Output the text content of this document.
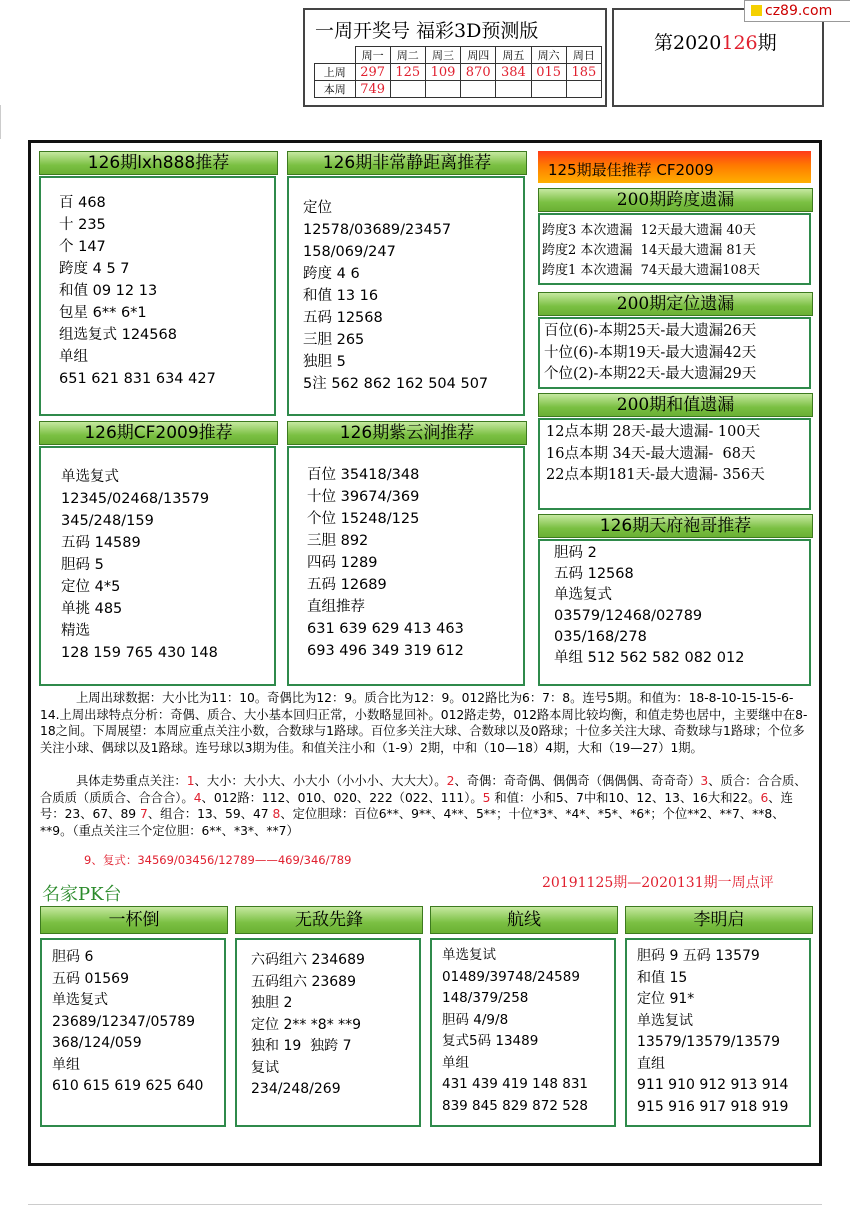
一周开奖号 福彩3D预测版
	周一	周二	周三	周四	周五	周六	周日
上周	297	125	109	870	384	015	185
本周	749						
第2020126期
cz89.com
126期lxh888推荐
百 468
十 235
个 147
跨度 4 5 7
和值 09 12 13
包星 6** 6*1
组选复式 124568
单组
651 621 831 634 427
126期非常静距离推荐
定位
12578/03689/23457
158/069/247
跨度 4 6
和值 13 16
五码 12568
三胆 265
独胆 5
5注 562 862 162 504 507
126期CF2009推荐
单选复式
12345/02468/13579
345/248/159
五码 14589
胆码 5
定位 4*5
单挑 485
精选
128 159 765 430 148
126期紫云涧推荐
百位 35418/348
十位 39674/369
个位 15248/125
三胆 892
四码 1289
五码 12689
直组推荐
631 639 629 413 463
693 496 349 319 612
125期最佳推荐 CF2009
200期跨度遗漏
跨度3 本次遗漏  12天最大遗漏 40天
跨度2 本次遗漏  14天最大遗漏 81天
跨度1 本次遗漏  74天最大遗漏108天
200期定位遗漏
百位(6)-本期25天-最大遗漏26天
十位(6)-本期19天-最大遗漏42天
个位(2)-本期22天-最大遗漏29天
200期和值遗漏
12点本期 28天-最大遗漏- 100天
16点本期 34天-最大遗漏-  68天
22点本期181天-最大遗漏- 356天
126期天府袍哥推荐
胆码 2
五码 12568
单选复式
03579/12468/02789
035/168/278
单组 512 562 582 082 012
上周出球数据：大小比为11：10。奇偶比为12：9。质合比为12：9。012路比为6：7：8。连号5期。和值为：18-8-10-15-15-6-14.上周出球特点分析：奇偶、质合、大小基本回归正常，小数略显回补。012路走势，012路本周比较均衡，和值走势也居中，主要继中在8-18之间。下周展望：本周应重点关注小数，合数球与1路球。百位多关注大球、合数球以及0路球；十位多关注大球、奇数球与1路球；个位多关注小球、偶球以及1路球。连号球以3期为佳。和值关注小和（1-9）2期，中和（10—18）4期，大和（19—27）1期。
具体走势重点关注：1、大小：大小大、小大小（小小小、大大大）。2、奇偶：奇奇偶、偶偶奇（偶偶偶、奇奇奇）3、质合：合合质、合质质（质质合、合合合）。4、012路：112、010、020、222（022、111）。5 和值：小和5、7中和10、12、13、16大和22。6、连号：23、67、89 7、组合：13、59、47 8、定位胆球：百位6**、9**、4**、5**；十位*3*、*4*、*5*、*6*；个位**2、**7、**8、**9。（重点关注三个定位胆：6**、*3*、**7）
9、复式：34569/03456/12789——469/346/789
名家PK台
20191125期—2020131期一周点评
一杯倒
胆码 6
五码 01569
单选复式
23689/12347/05789
368/124/059
单组
610 615 619 625 640
无敌先鋒
六码组六 234689
五码组六 23689
独胆 2
定位 2** *8* **9
独和 19  独跨 7
复试
234/248/269
航线
单选复试
01489/39748/24589
148/379/258
胆码 4/9/8
复式5码 13489
单组
431 439 419 148 831
839 845 829 872 528
李明启
胆码 9 五码 13579
和值 15
定位 91*
单选复试
13579/13579/13579
直组
911 910 912 913 914
915 916 917 918 919
